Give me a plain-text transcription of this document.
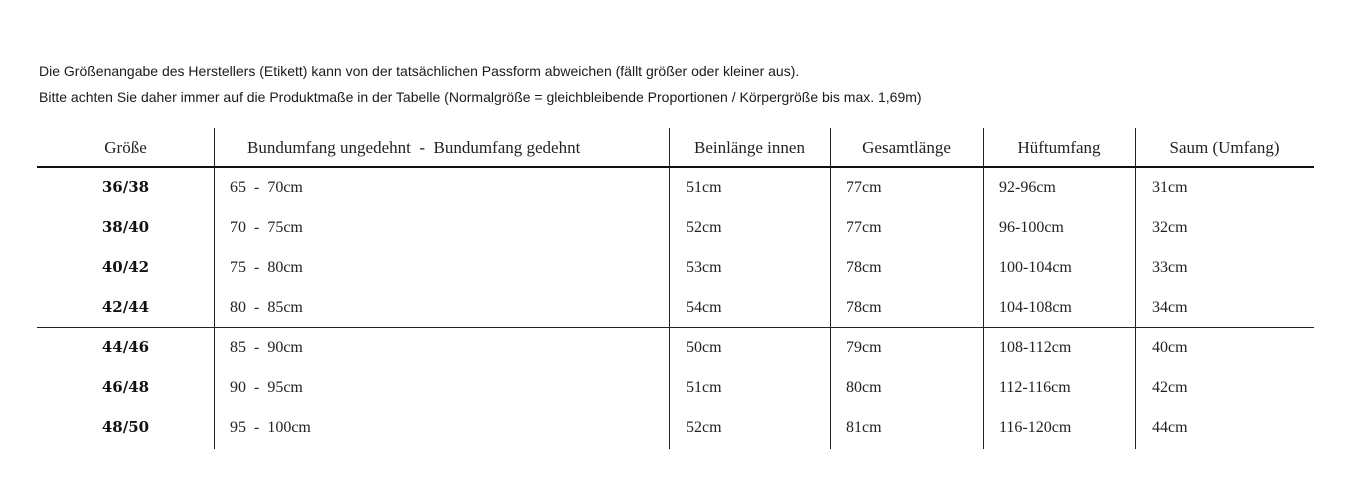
Die Größenangabe des Herstellers (Etikett) kann von der tatsächlichen Passform abweichen (fällt größer oder kleiner aus).

Bitte achten Sie daher immer auf die Produktmaße in der Tabelle (Normalgröße = gleichbleibende Proportionen / Körpergröße bis max. 1,69m)

Größe	Bundumfang ungedehnt  -  Bundumfang gedehnt	Beinlänge innen	Gesamtlänge	Hüftumfang	Saum (Umfang)
36/38	65  -  70cm	51cm	77cm	92-96cm	31cm
38/40	70  -  75cm	52cm	77cm	96-100cm	32cm
40/42	75  -  80cm	53cm	78cm	100-104cm	33cm
42/44	80  -  85cm	54cm	78cm	104-108cm	34cm
44/46	85  -  90cm	50cm	79cm	108-112cm	40cm
46/48	90  -  95cm	51cm	80cm	112-116cm	42cm
48/50	95  -  100cm	52cm	81cm	116-120cm	44cm
